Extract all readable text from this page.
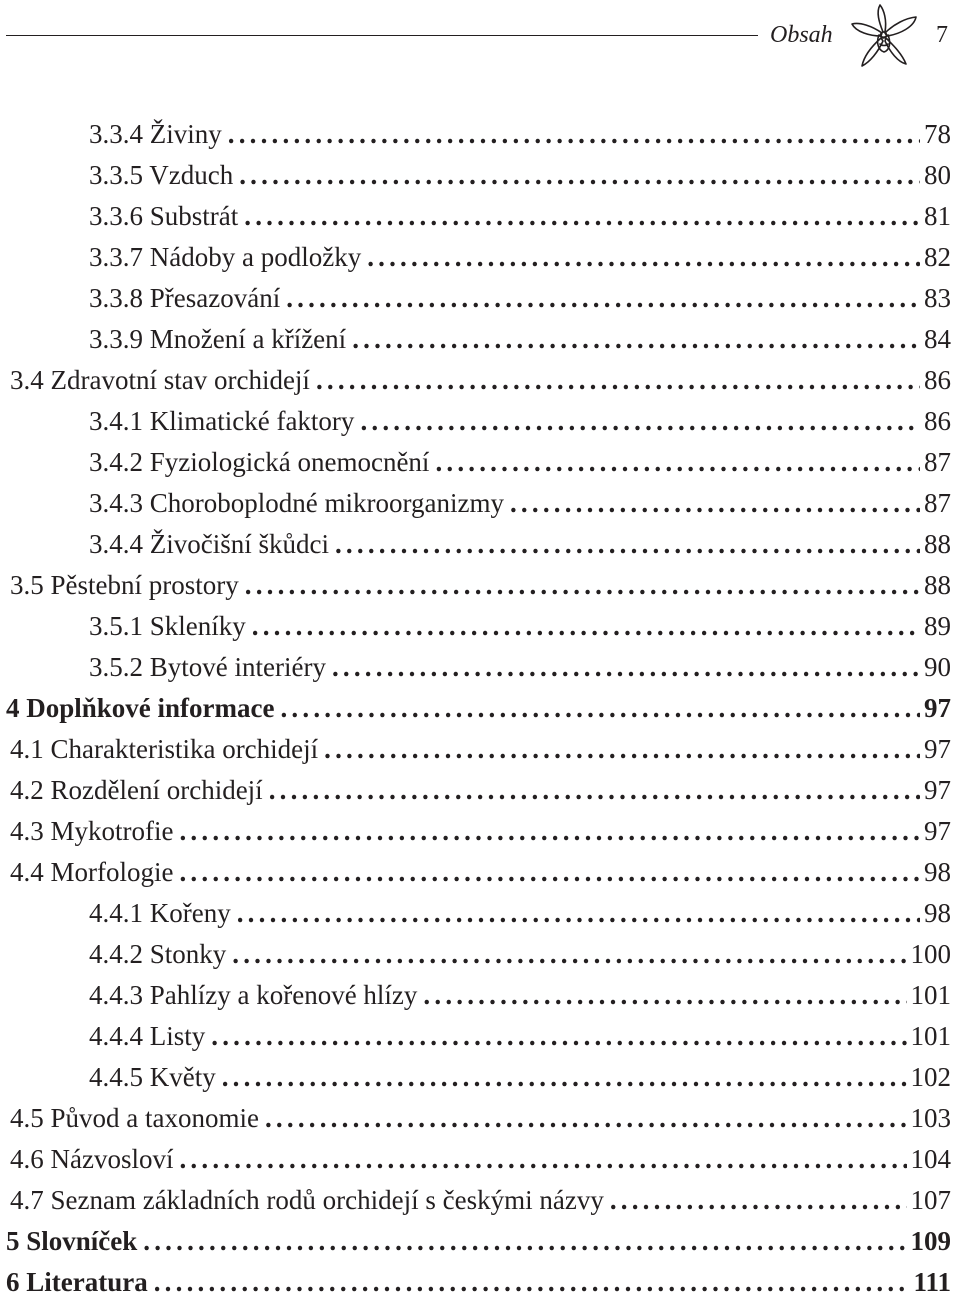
Obsah	7
3.3.4 Živiny .....	78
3.3.5 Vzduch .....	80
3.3.6 Substrát .....	81
3.3.7 Nádoby a podložky .....	82
3.3.8 Přesazování .....	83
3.3.9 Množení a křížení .....	84
3.4 Zdravotní stav orchidejí .....	86
3.4.1 Klimatické faktory .....	86
3.4.2 Fyziologická onemocnění .....	87
3.4.3 Choroboplodné mikroorganizmy .....	87
3.4.4 Živočišní škůdci .....	88
3.5 Pěstební prostory .....	88
3.5.1 Skleníky .....	89
3.5.2 Bytové interiéry .....	90
4 Doplňkové informace .....	97
4.1 Charakteristika orchidejí .....	97
4.2 Rozdělení orchidejí .....	97
4.3 Mykotrofie .....	97
4.4 Morfologie .....	98
4.4.1 Kořeny .....	98
4.4.2 Stonky .....	100
4.4.3 Pahlízy a kořenové hlízy .....	101
4.4.4 Listy .....	101
4.4.5 Květy .....	102
4.5 Původ a taxonomie .....	103
4.6 Názvosloví .....	104
4.7 Seznam základních rodů orchidejí s českými názvy .....	107
5 Slovníček .....	109
6 Literatura .....	111
